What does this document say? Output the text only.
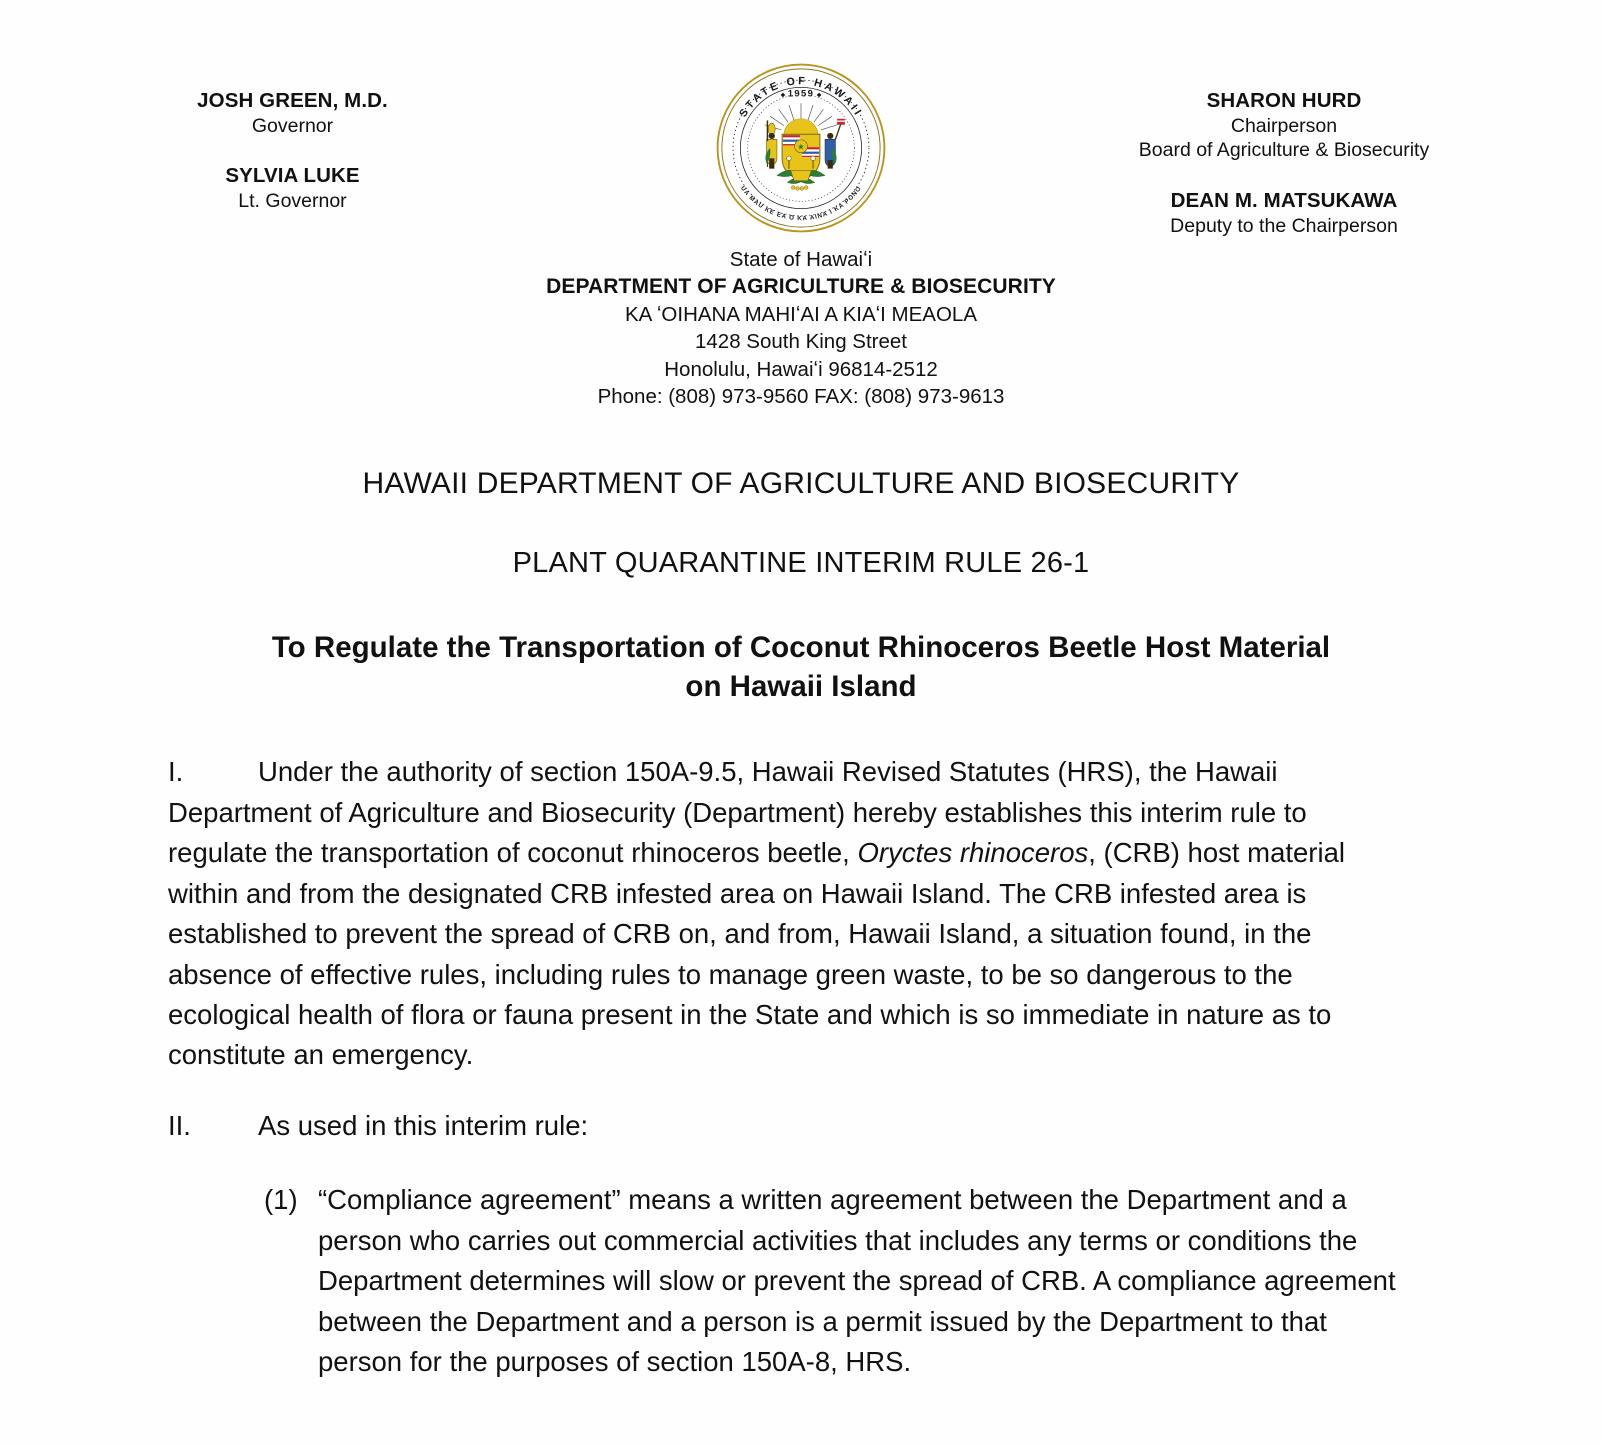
JOSH GREEN, M.D.
Governor
SYLVIA LUKE
Lt. Governor
STATE OF HAWAII
UA MAU KE EA O KA AINA I KA PONO
1959
◆	◆
★
SHARON HURD
Chairperson
Board of Agriculture & Biosecurity
DEAN M. MATSUKAWA
Deputy to the Chairperson
State of Hawaiʻi
DEPARTMENT OF AGRICULTURE & BIOSECURITY
KA ʻOIHANA MAHIʻAI A KIAʻI MEAOLA
1428 South King Street
Honolulu, Hawaiʻi 96814-2512
Phone: (808) 973-9560 FAX: (808) 973-9613
HAWAII DEPARTMENT OF AGRICULTURE AND BIOSECURITY
PLANT QUARANTINE INTERIM RULE 26-1
To Regulate the Transportation of Coconut Rhinoceros Beetle Host Material
on Hawaii Island
I.	Under the authority of section 150A-9.5, Hawaii Revised Statutes (HRS), the Hawaii Department of Agriculture and Biosecurity (Department) hereby establishes this interim rule to regulate the transportation of coconut rhinoceros beetle, Oryctes rhinoceros, (CRB) host material within and from the designated CRB infested area on Hawaii Island. The CRB infested area is established to prevent the spread of CRB on, and from, Hawaii Island, a situation found, in the absence of effective rules, including rules to manage green waste, to be so dangerous to the ecological health of flora or fauna present in the State and which is so immediate in nature as to constitute an emergency.
II.	As used in this interim rule:
(1) “Compliance agreement” means a written agreement between the Department and a person who carries out commercial activities that includes any terms or conditions the Department determines will slow or prevent the spread of CRB. A compliance agreement between the Department and a person is a permit issued by the Department to that person for the purposes of section 150A-8, HRS.
